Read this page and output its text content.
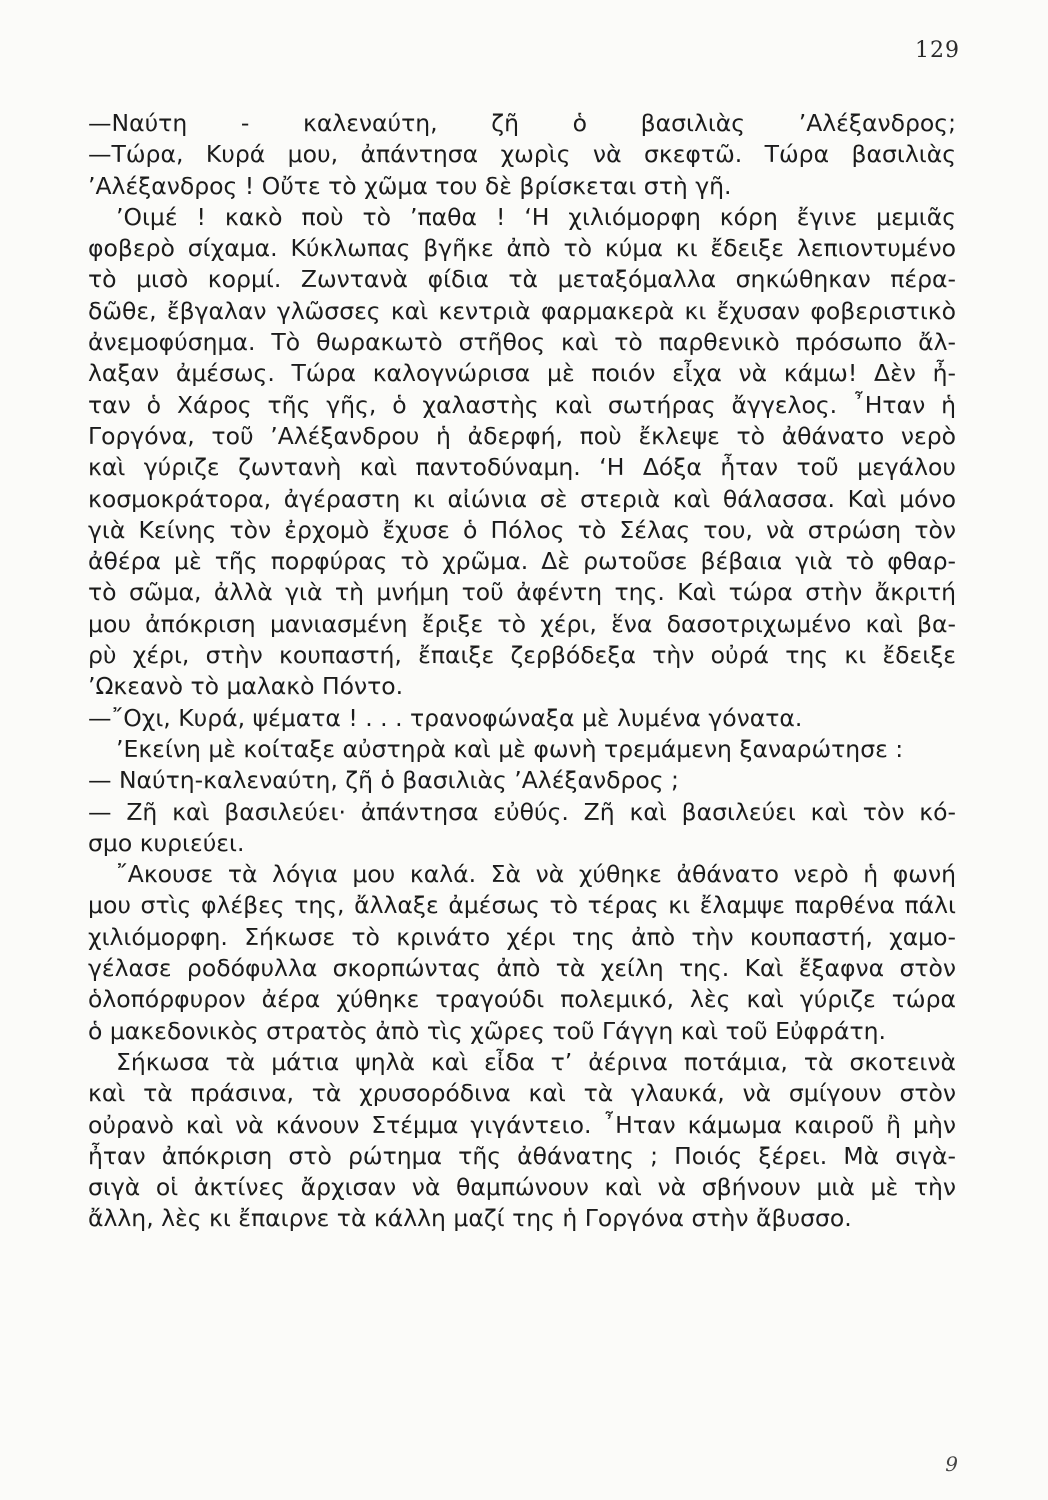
129
—Ναύτη - καλεναύτη, ζῆ ὁ βασιλιὰς ’Αλέξανδρος;
—Τώρα, Κυρά μου, ἀπάντησα χωρὶς νὰ σκεφτῶ. Τώρα βασιλιὰς
’Αλέξανδρος ! Οὔτε τὸ χῶμα του δὲ βρίσκεται στὴ γῆ.
’Οιμέ ! κακὸ ποὺ τὸ ’παθα ! ‘Η χιλιόμορφη κόρη ἔγινε μεμιᾶς
φοβερὸ σίχαμα. Κύκλωπας βγῆκε ἀπὸ τὸ κύμα κι ἔδειξε λεπιοντυμένο
τὸ μισὸ κορμί. Ζωντανὰ φίδια τὰ μεταξόμαλλα σηκώθηκαν πέρα-
δῶθε, ἔβγαλαν γλῶσσες καὶ κεντριὰ φαρμακερὰ κι ἔχυσαν φοβεριστικὸ
ἀνεμοφύσημα. Τὸ θωρακωτὸ στῆθος καὶ τὸ παρθενικὸ πρόσωπο ἄλ-
λαξαν ἀμέσως. Τώρα καλογνώρισα μὲ ποιόν εἶχα νὰ κάμω! Δὲν ἦ-
ταν ὁ Χάρος τῆς γῆς, ὁ χαλαστὴς καὶ σωτήρας ἄγγελος. ῏Ηταν ἡ
Γοργόνα, τοῦ ’Αλέξανδρου ἡ ἀδερφή, ποὺ ἔκλεψε τὸ ἀθάνατο νερὸ
καὶ γύριζε ζωντανὴ καὶ παντοδύναμη. ‘Η Δόξα ἦταν τοῦ μεγάλου
κοσμοκράτορα, ἀγέραστη κι αἰώνια σὲ στεριὰ καὶ θάλασσα. Καὶ μόνο
γιὰ Κείνης τὸν ἐρχομὸ ἔχυσε ὁ Πόλος τὸ Σέλας του, νὰ στρώση τὸν
ἀθέρα μὲ τῆς πορφύρας τὸ χρῶμα. Δὲ ρωτοῦσε βέβαια γιὰ τὸ φθαρ-
τὸ σῶμα, ἀλλὰ γιὰ τὴ μνήμη τοῦ ἀφέντη της. Καὶ τώρα στὴν ἄκριτή
μου ἀπόκριση μανιασμένη ἔριξε τὸ χέρι, ἕνα δασοτριχωμένο καὶ βα-
ρὺ χέρι, στὴν κουπαστή, ἔπαιξε ζερβόδεξα τὴν οὐρά της κι ἔδειξε
’Ωκεανὸ τὸ μαλακὸ Πόντο.
—῎Οχι, Κυρά, ψέματα ! . . . τρανοφώναξα μὲ λυμένα γόνατα.
’Εκείνη μὲ κοίταξε αὐστηρὰ καὶ μὲ φωνὴ τρεμάμενη ξαναρώτησε :
— Ναύτη-καλεναύτη, ζῆ ὁ βασιλιὰς ’Αλέξανδρος ;
— Ζῆ καὶ βασιλεύει· ἀπάντησα εὐθύς. Ζῆ καὶ βασιλεύει καὶ τὸν κό-
σμο κυριεύει.
῎Ακουσε τὰ λόγια μου καλά. Σὰ νὰ χύθηκε ἀθάνατο νερὸ ἡ φωνή
μου στὶς φλέβες της, ἄλλαξε ἀμέσως τὸ τέρας κι ἔλαμψε παρθένα πάλι
χιλιόμορφη. Σήκωσε τὸ κρινάτο χέρι της ἀπὸ τὴν κουπαστή, χαμο-
γέλασε ροδόφυλλα σκορπώντας ἀπὸ τὰ χείλη της. Καὶ ἔξαφνα στὸν
ὁλοπόρφυρον ἀέρα χύθηκε τραγούδι πολεμικό, λὲς καὶ γύριζε τώρα
ὁ μακεδονικὸς στρατὸς ἀπὸ τὶς χῶρες τοῦ Γάγγη καὶ τοῦ Εὐφράτη.
Σήκωσα τὰ μάτια ψηλὰ καὶ εἶδα τ’ ἀέρινα ποτάμια, τὰ σκοτεινὰ
καὶ τὰ πράσινα, τὰ χρυσορόδινα καὶ τὰ γλαυκά, νὰ σμίγουν στὸν
οὐρανὸ καὶ νὰ κάνουν Στέμμα γιγάντειο. ῏Ηταν κάμωμα καιροῦ ἢ μὴν
ἦταν ἀπόκριση στὸ ρώτημα τῆς ἀθάνατης ; Ποιός ξέρει. Μὰ σιγὰ-
σιγὰ οἱ ἀκτίνες ἄρχισαν νὰ θαμπώνουν καὶ νὰ σβήνουν μιὰ μὲ τὴν
ἄλλη, λὲς κι ἔπαιρνε τὰ κάλλη μαζί της ἡ Γοργόνα στὴν ἄβυσσο.
9
